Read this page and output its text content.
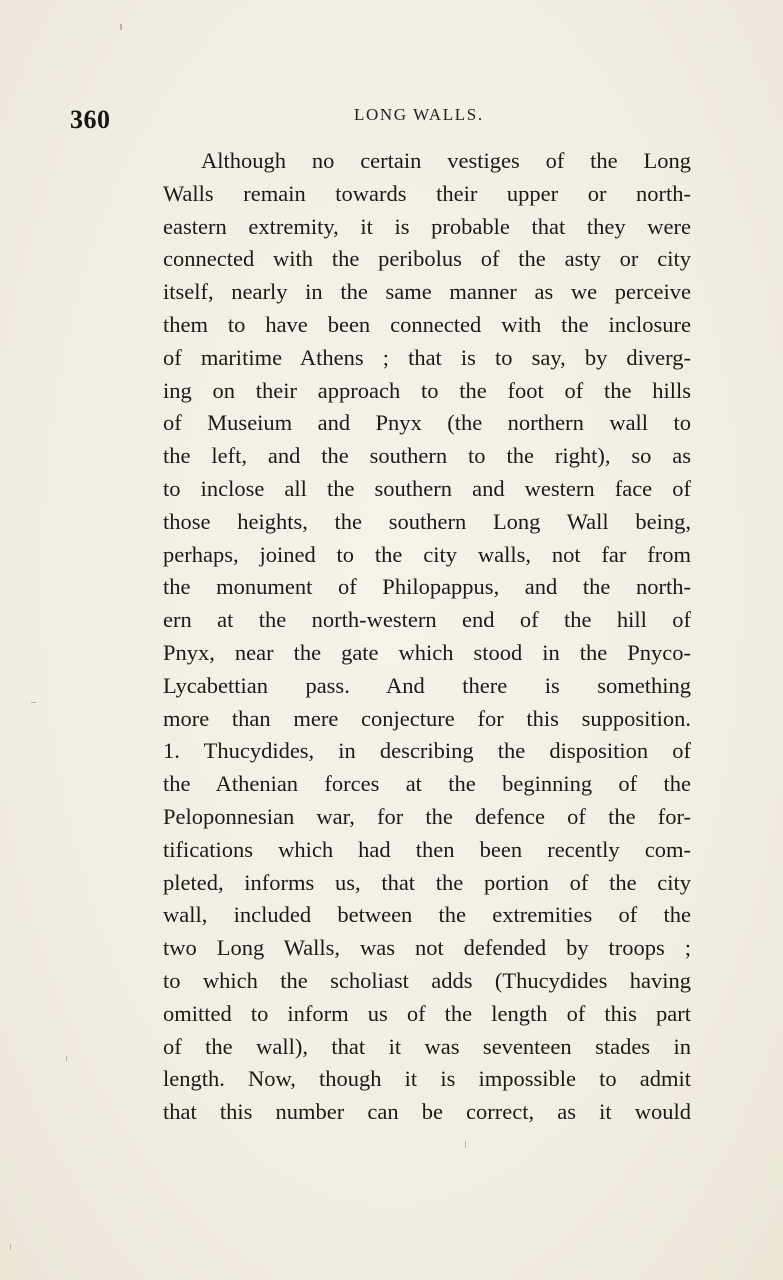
360	LONG WALLS.
Although no certain vestiges of the Long
Walls remain towards their upper or north-
eastern extremity, it is probable that they were
connected with the peribolus of the asty or city
itself, nearly in the same manner as we perceive
them to have been connected with the inclosure
of maritime Athens ; that is to say, by diverg-
ing on their approach to the foot of the hills
of Museium and Pnyx (the northern wall to
the left, and the southern to the right), so as
to inclose all the southern and western face of
those heights, the southern Long Wall being,
perhaps, joined to the city walls, not far from
the monument of Philopappus, and the north-
ern at the north-western end of the hill of
Pnyx, near the gate which stood in the Pnyco-
Lycabettian pass. And there is something
more than mere conjecture for this supposition.
1. Thucydides, in describing the disposition of
the Athenian forces at the beginning of the
Peloponnesian war, for the defence of the for-
tifications which had then been recently com-
pleted, informs us, that the portion of the city
wall, included between the extremities of the
two Long Walls, was not defended by troops ;
to which the scholiast adds (Thucydides having
omitted to inform us of the length of this part
of the wall), that it was seventeen stades in
length. Now, though it is impossible to admit
that this number can be correct, as it would
